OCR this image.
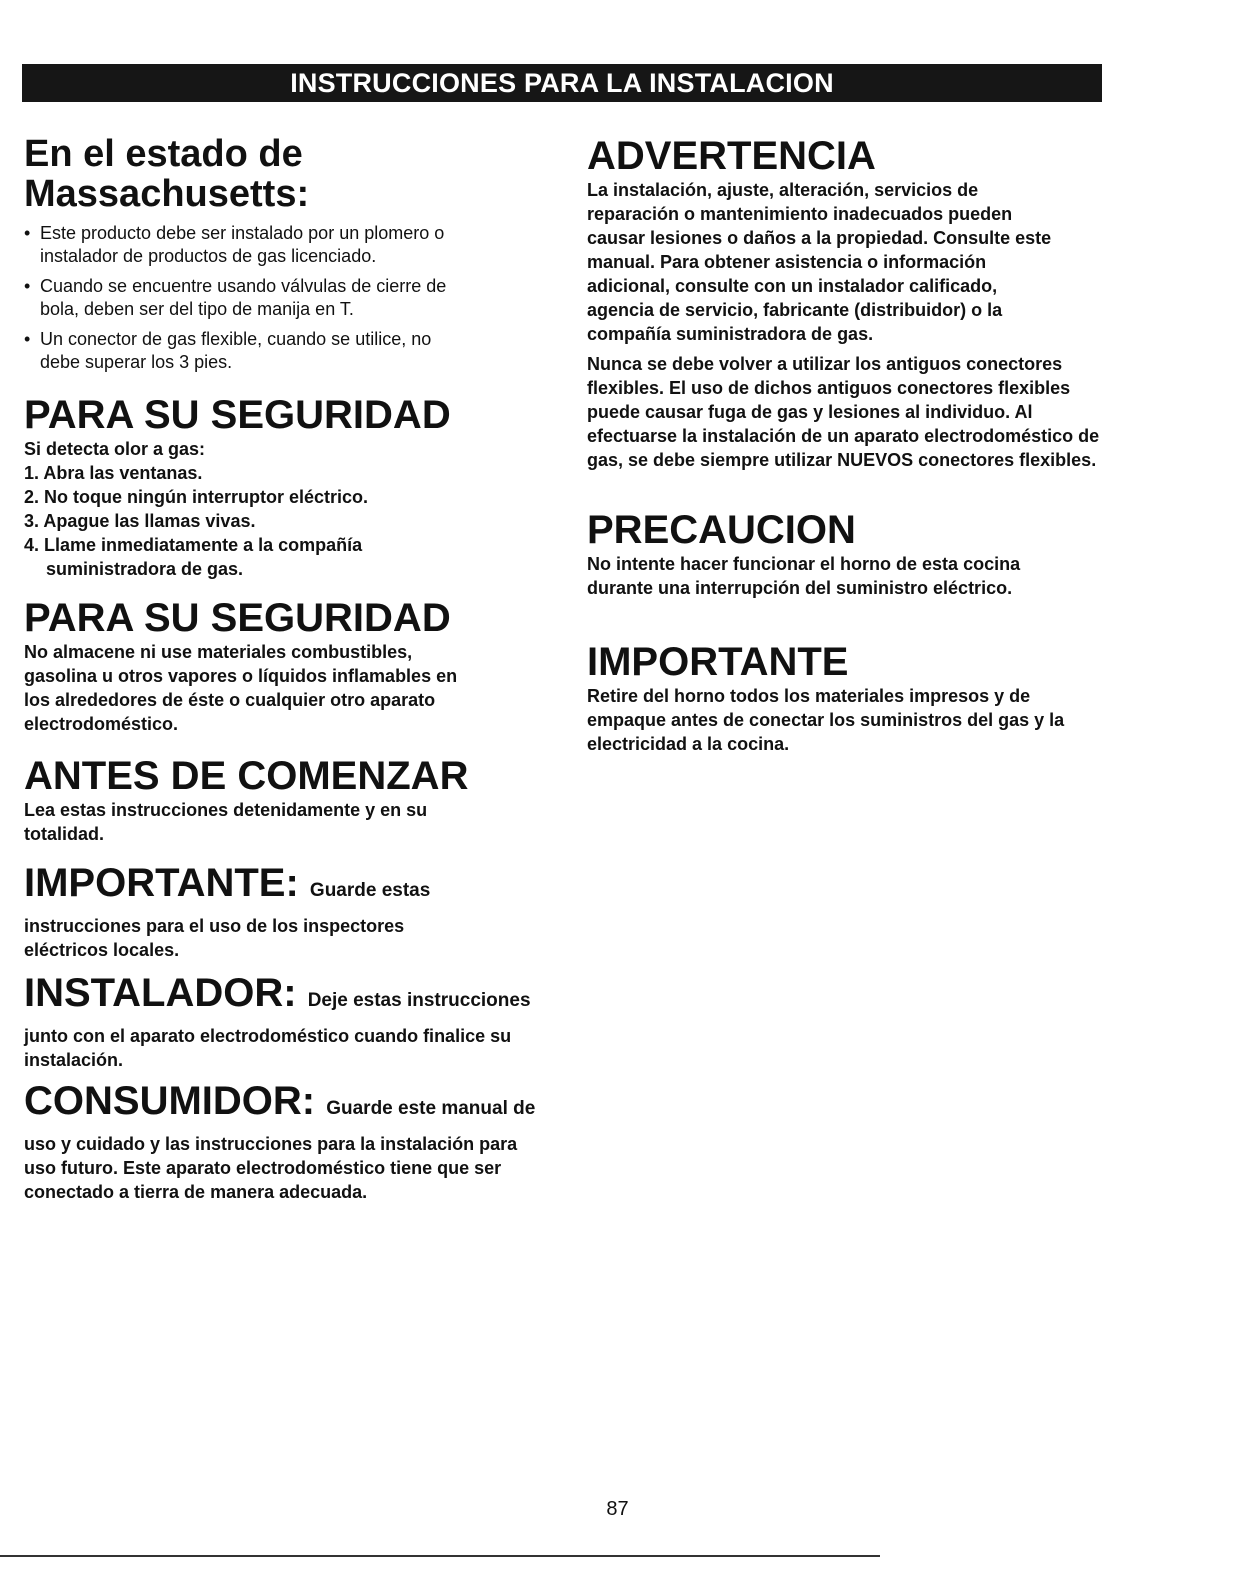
INSTRUCCIONES PARA LA INSTALACION
En el estado de Massachusetts:
• Este producto debe ser instalado por un plomero o instalador de productos de gas licenciado.
• Cuando se encuentre usando válvulas de cierre de bola, deben ser del tipo de manija en T.
• Un conector de gas flexible, cuando se utilice, no debe superar los 3 pies.
PARA SU SEGURIDAD

Si detecta olor a gas:

1. Abra las ventanas.
2. No toque ningún interruptor eléctrico.
3. Apague las llamas vivas.
4. Llame inmediatamente a la compañía suministradora de gas.
PARA SU SEGURIDAD

No almacene ni use materiales combustibles, gasolina u otros vapores o líquidos inflamables en los alrededores de éste o cualquier otro aparato electrodoméstico.

ANTES DE COMENZAR

Lea estas instrucciones detenidamente y en su totalidad.

IMPORTANTE: Guarde estas

instrucciones para el uso de los inspectores eléctricos locales.

INSTALADOR: Deje estas instrucciones

junto con el aparato electrodoméstico cuando finalice su instalación.

CONSUMIDOR: Guarde este manual de

uso y cuidado y las instrucciones para la instalación para uso futuro. Este aparato electrodoméstico tiene que ser conectado a tierra de manera adecuada.

ADVERTENCIA

La instalación, ajuste, alteración, servicios de reparación o mantenimiento inadecuados pueden causar lesiones o daños a la propiedad. Consulte este manual. Para obtener asistencia o información adicional, consulte con un instalador calificado, agencia de servicio, fabricante (distribuidor) o la compañía suministradora de gas.

Nunca se debe volver a utilizar los antiguos conectores flexibles. El uso de dichos antiguos conectores flexibles puede causar fuga de gas y lesiones al individuo. Al efectuarse la instalación de un aparato electrodoméstico de gas, se debe siempre utilizar NUEVOS conectores flexibles.

PRECAUCION

No intente hacer funcionar el horno de esta cocina durante una interrupción del suministro eléctrico.

IMPORTANTE

Retire del horno todos los materiales impresos y de empaque antes de conectar los suministros del gas y la electricidad a la cocina.

87
